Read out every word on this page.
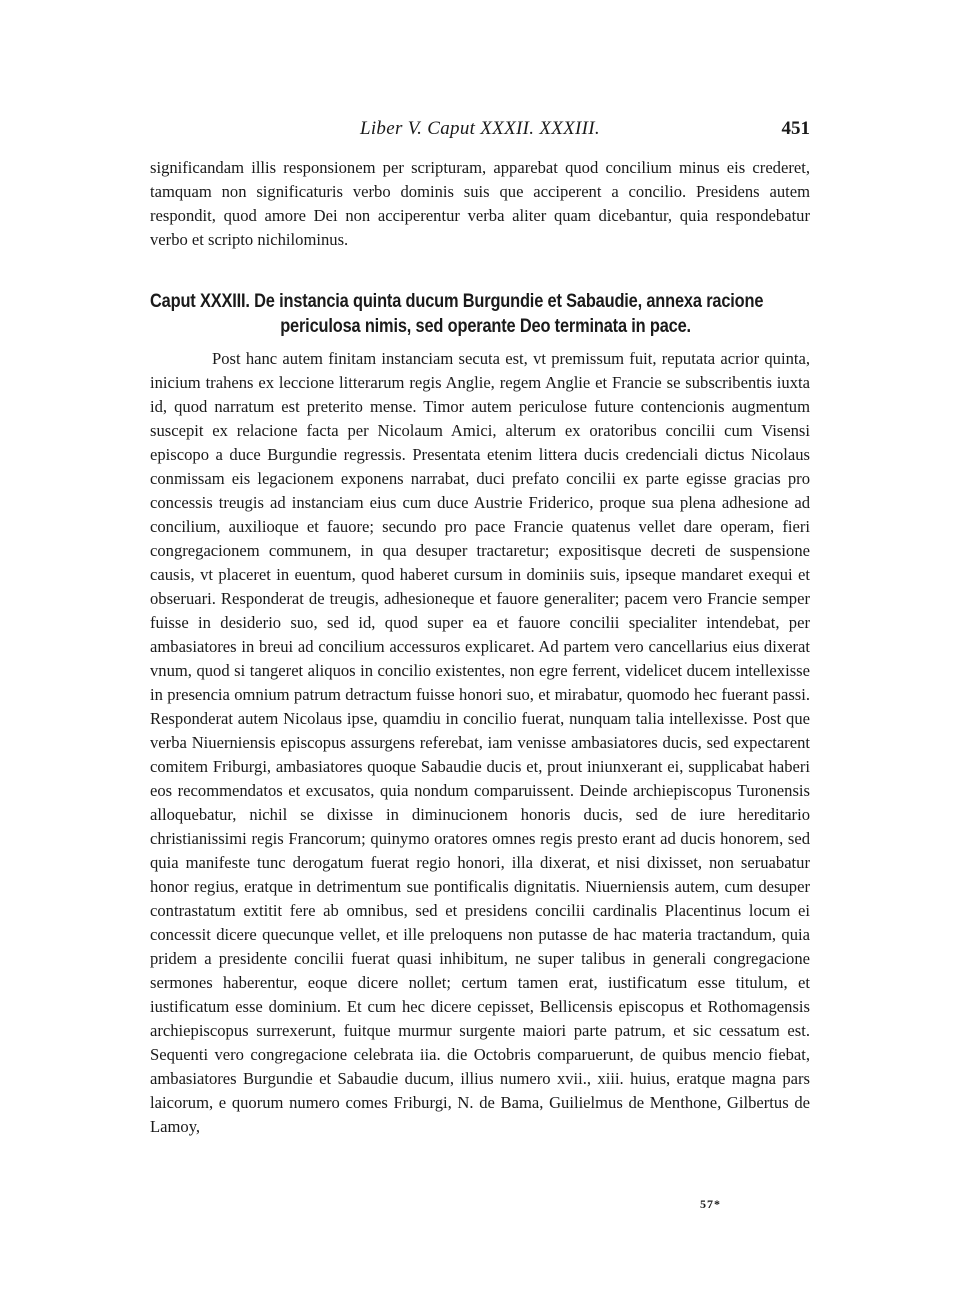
Liber V. Caput XXXII. XXXIII.	451

significandam illis responsionem per scripturam, apparebat quod concilium minus eis crederet, tamquam non significaturis verbo dominis suis que acciperent a concilio. Presidens autem respondit, quod amore Dei non acciperentur verba aliter quam dicebantur, quia respondebatur verbo et scripto nichilominus.

Caput XXXIII. De instancia quinta ducum Burgundie et Sabaudie, annexa racione
periculosa nimis, sed operante Deo terminata in pace.

Post hanc autem finitam instanciam secuta est, vt premissum fuit, reputata acrior quinta, inicium trahens ex leccione litterarum regis Anglie, regem Anglie et Francie se subscribentis iuxta id, quod narratum est preterito mense. Timor autem periculose future contencionis augmentum suscepit ex relacione facta per Nicolaum Amici, alterum ex oratoribus concilii cum Visensi episcopo a duce Burgundie regressis. Presentata etenim littera ducis credenciali dictus Nicolaus conmissam eis legacionem exponens narrabat, duci prefato concilii ex parte egisse gracias pro concessis treugis ad instanciam eius cum duce Austrie Friderico, proque sua plena adhesione ad concilium, auxilioque et fauore; secundo pro pace Francie quatenus vellet dare operam, fieri congregacionem communem, in qua desuper tractaretur; expositisque decreti de suspensione causis, vt placeret in euentum, quod haberet cursum in dominiis suis, ipseque mandaret exequi et obseruari. Responderat de treugis, adhesioneque et fauore generaliter; pacem vero Francie semper fuisse in desiderio suo, sed id, quod super ea et fauore concilii specialiter intendebat, per ambasiatores in breui ad concilium accessuros explicaret. Ad partem vero cancellarius eius dixerat vnum, quod si tangeret aliquos in concilio existentes, non egre ferrent, videlicet ducem intellexisse in presencia omnium patrum detractum fuisse honori suo, et mirabatur, quomodo hec fuerant passi. Responderat autem Nicolaus ipse, quamdiu in concilio fuerat, nunquam talia intellexisse. Post que verba Niuerniensis episcopus assurgens referebat, iam venisse ambasiatores ducis, sed expectarent comitem Friburgi, ambasiatores quoque Sabaudie ducis et, prout iniunxerant ei, supplicabat haberi eos recommendatos et excusatos, quia nondum comparuissent. Deinde archiepiscopus Turonensis alloquebatur, nichil se dixisse in diminucionem honoris ducis, sed de iure hereditario christianissimi regis Francorum; quinymo oratores omnes regis presto erant ad ducis honorem, sed quia manifeste tunc derogatum fuerat regio honori, illa dixerat, et nisi dixisset, non seruabatur honor regius, eratque in detrimentum sue pontificalis dignitatis. Niuerniensis autem, cum desuper contrastatum extitit fere ab omnibus, sed et presidens concilii cardinalis Placentinus locum ei concessit dicere quecunque vellet, et ille preloquens non putasse de hac materia tractandum, quia pridem a presidente concilii fuerat quasi inhibitum, ne super talibus in generali congregacione sermones haberentur, eoque dicere nollet; certum tamen erat, iustificatum esse titulum, et iustificatum esse dominium. Et cum hec dicere cepisset, Bellicensis episcopus et Rothomagensis archiepiscopus surrexerunt, fuitque murmur surgente maiori parte patrum, et sic cessatum est. Sequenti vero congregacione celebrata iia. die Octobris comparuerunt, de quibus mencio fiebat, ambasiatores Burgundie et Sabaudie ducum, illius numero xvii., xiii. huius, eratque magna pars laicorum, e quorum numero comes Friburgi, N. de Bama, Guilielmus de Menthone, Gilbertus de Lamoy,

57*
